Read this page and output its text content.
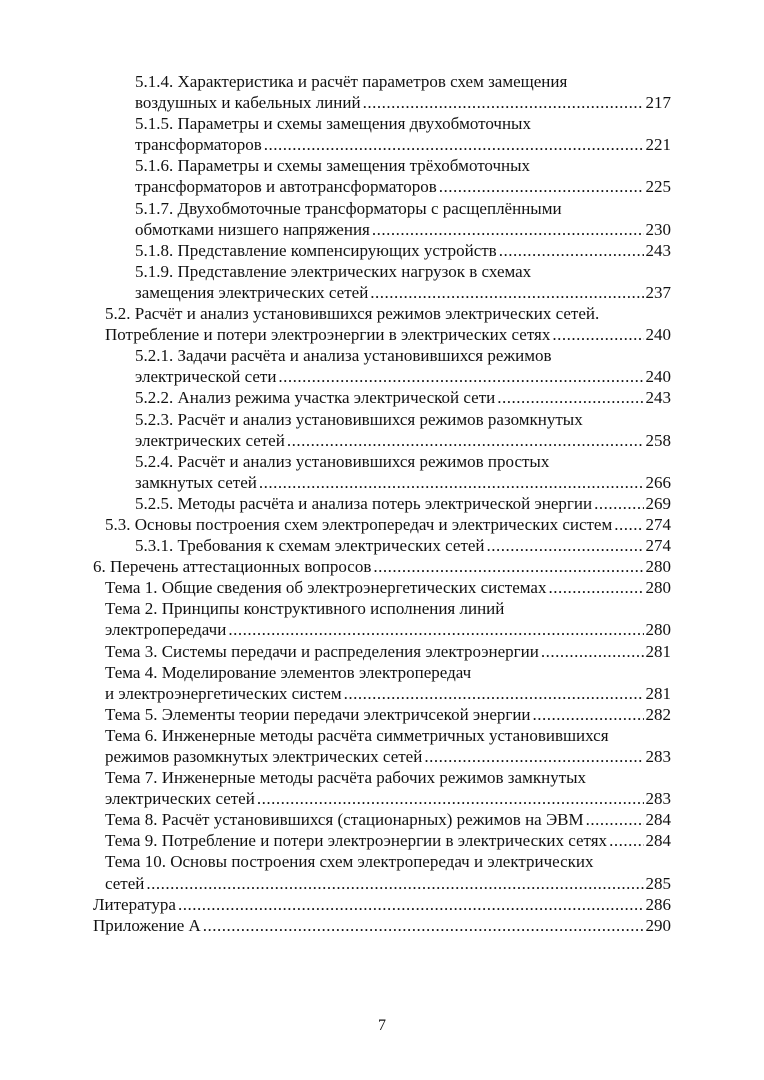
5.1.4. Характеристика и расчёт параметров схем замещения
воздушных и кабельных линий .....	217
5.1.5. Параметры и схемы замещения двухобмоточных
трансформаторов .....	221
5.1.6. Параметры и схемы замещения трёхобмоточных
трансформаторов и автотрансформаторов .....	225
5.1.7. Двухобмоточные трансформаторы с расщеплёнными
обмотками низшего напряжения .....	230
5.1.8. Представление компенсирующих устройств .....	243
5.1.9. Представление электрических нагрузок в схемах
замещения электрических сетей .....	237
5.2. Расчёт и анализ установившихся режимов электрических сетей.
Потребление и потери электроэнергии в электрических сетях .....	240
5.2.1. Задачи расчёта и анализа установившихся режимов
электрической сети .....	240
5.2.2. Анализ режима участка электрической сети .....	243
5.2.3. Расчёт и анализ установившихся режимов разомкнутых
электрических сетей .....	258
5.2.4. Расчёт и анализ установившихся режимов простых
замкнутых сетей .....	266
5.2.5. Методы расчёта и анализа потерь электрической энергии .....	269
5.3. Основы построения схем электропередач и электрических систем ..... 274
5.3.1. Требования к схемам электрических сетей .....	274
6. Перечень аттестационных вопросов .....	280
Тема 1. Общие сведения об электроэнергетических системах .....	280
Тема 2. Принципы конструктивного исполнения линий
электропередачи .....	280
Тема 3. Системы передачи и распределения электроэнергии .....	281
Тема 4. Моделирование элементов электропередач
и электроэнергетических систем .....	281
Тема 5. Элементы теории передачи электричсекой энергии .....	282
Тема 6. Инженерные методы расчёта симметричных установившихся
режимов разомкнутых электрических сетей .....	283
Тема 7. Инженерные методы расчёта рабочих режимов замкнутых
электрических сетей .....	283
Тема 8. Расчёт установившихся (стационарных) режимов на ЭВМ .....	284
Тема 9. Потребление и потери электроэнергии в электрических сетях ..... 284
Тема 10. Основы построения схем электропередач и электрических
сетей .....	285
Литература .....	286
Приложение А .....	290
7
